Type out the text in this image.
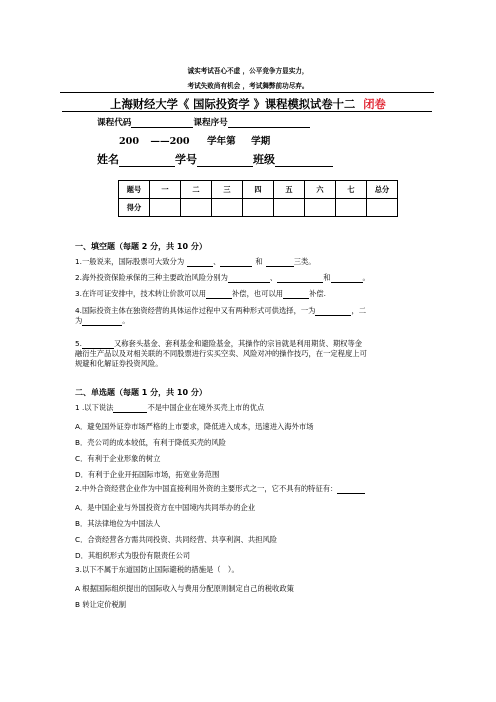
诚实考试吾心不虚 ，公平竞争方显实力，
考试失败尚有机会 ，考试舞弊前功尽弃。
上海财经大学《 国际投资学 》课程模拟试卷十二 闭卷
课程代码	课程序号
200 ——200 学年第 学期
姓名	学号	班级
题号	一	二	三	四	五	六	七	总分
得分								
一、填空题（每题 2 分，共 10 分）
1.一般说来，国际股票可大致分为	、	和	三类。
2.海外投资保险承保的三种主要政治风险分别为	、	和	。
3.在许可证安排中，技术转让价款可以用	补偿，也可以用	补偿.
4.国际投资主体在独资经营的具体运作过程中又有两种形式可供选择，一为	，二
为	。
5.	又称套头基金、套利基金和避险基金，其操作的宗旨就是利用期货、期权等金
融衍生产品以及对相关联的不同股票进行实买空卖、风险对冲的操作技巧，在一定程度上可
规避和化解证券投资风险。
二、单选题（每题 1 分，共 10 分）
1 .以下说法	不是中国企业在境外买壳上市的优点
A．避免国外证券市场严格的上市要求，降低进入成本，迅速进入海外市场
B．壳公司的成本较低，有利于降低买壳的风险
C．有利于企业形象的树立
D．有利于企业开拓国际市场，拓宽业务范围
2.中外合资经营企业作为中国直接利用外资的主要形式之一，它不具有的特征有：
A．是中国企业与外国投资方在中国境内共同举办的企业
B．其法律地位为中国法人
C．合资经营各方需共同投资、共同经营、共享利润、共担风险
D．其组织形式为股份有限责任公司
3.以下不属于东道国防止国际避税的措施是（　）。
A 根据国际组织提出的国际收入与费用分配原则制定自己的税收政策
B 转让定价税制
